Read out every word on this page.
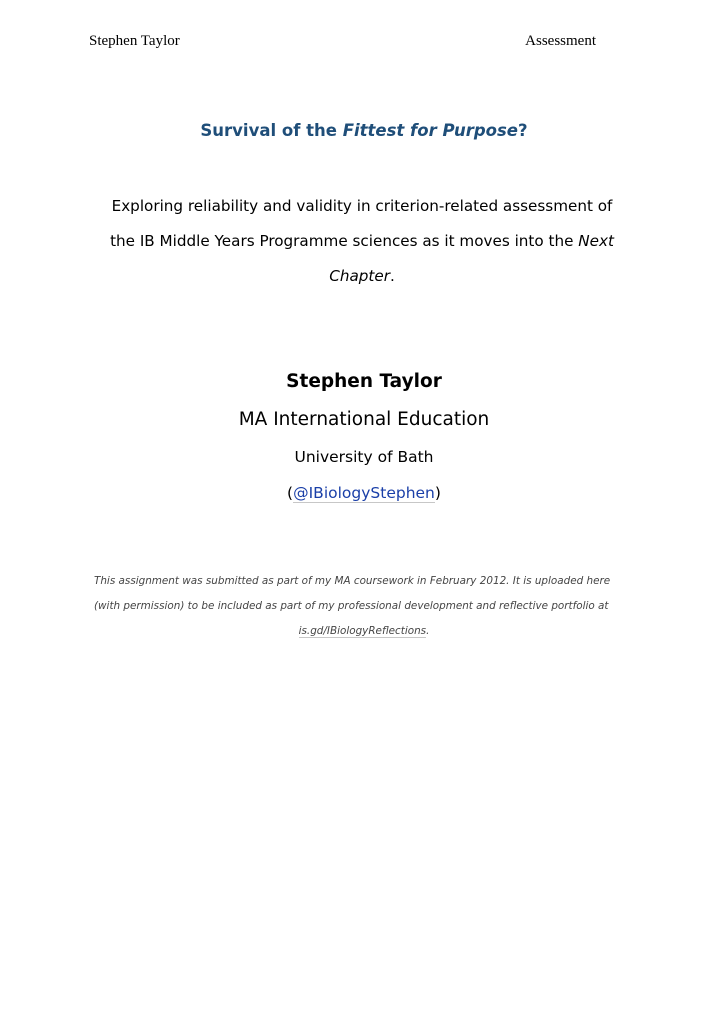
Stephen Taylor	Assessment
Survival of the Fittest for Purpose?
Exploring reliability and validity in criterion-related assessment of
the IB Middle Years Programme sciences as it moves into the Next
Chapter.
Stephen Taylor
MA International Education
University of Bath
(@IBiologyStephen)
This assignment was submitted as part of my MA coursework in February 2012. It is uploaded here
(with permission) to be included as part of my professional development and reflective portfolio at
is.gd/IBiologyReflections.
